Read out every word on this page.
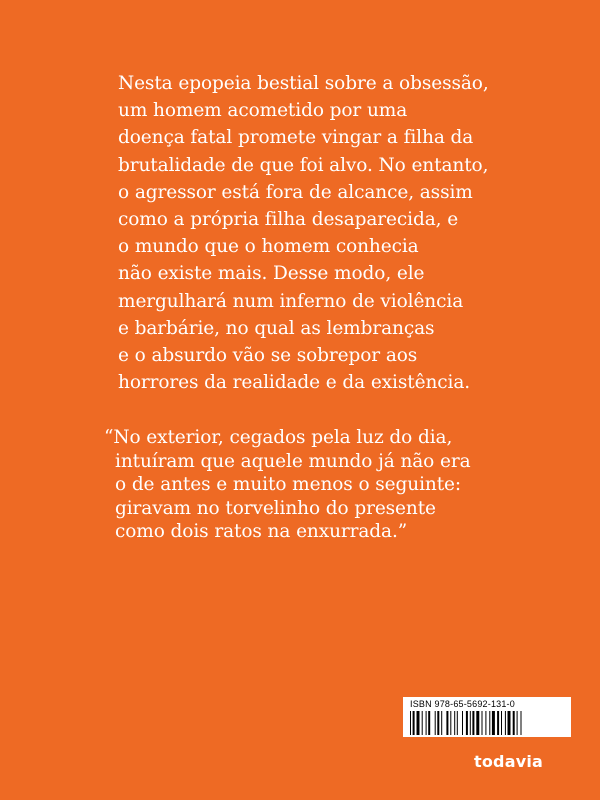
Nesta epopeia bestial sobre a obsessão,
um homem acometido por uma
doença fatal promete vingar a filha da
brutalidade de que foi alvo. No entanto,
o agressor está fora de alcance, assim
como a própria filha desaparecida, e
o mundo que o homem conhecia
não existe mais. Desse modo, ele
mergulhará num inferno de violência
e barbárie, no qual as lembranças
e o absurdo vão se sobrepor aos
horrores da realidade e da existência.
“No exterior, cegados pela luz do dia,
intuíram que aquele mundo já não era
o de antes e muito menos o seguinte:
giravam no torvelinho do presente
como dois ratos na enxurrada.”
ISBN 978-65-5692-131-0
todavia
